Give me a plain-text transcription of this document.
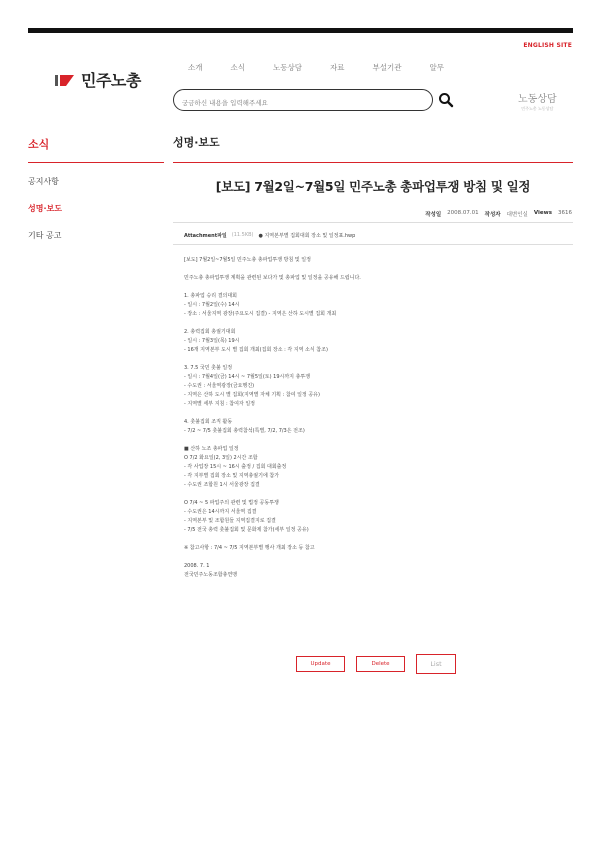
ENGLISH SITE
민주노총
소개	소식	노동상담	자료	부설기관	알무
궁금하신 내용을 입력해주세요
노동상담
민주노총 노동상담
소식
공지사항
성명·보도
기타 공고
성명·보도
[보도] 7월2일~7월5일 민주노총 총파업투쟁 방침 및 일정
작성일 2008.07.01 작성자 대변인실 Views 3616
Attachment파일 (11.5KB) ● 지역본부별 집회대회 장소 및 일정표.hwp

[보도] 7월2일~7월5일 민주노총 총파업투쟁 방침 및 일정

민주노총 총파업투쟁 계획을 관련된 보다가 및 총파업 및 일정을 공유해 드립니다.

1. 총파업 승리 결의대회

- 일시 : 7월2일(수) 14시

- 장소 : 서울지역 광장(주요도시 집결) - 지역은 산하 도시별 집회 개최

2. 총력집회 총궐기대회

- 일시 : 7월3일(목) 19시

- 16개 지역본부 도시 별 집회 개최(집회 장소 : 각 지역 소식 참조)

3. 7.5 국민 촛불 일정

- 일시 : 7월4일(금) 14시 ~ 7월5일(토) 19시까지 총투쟁

- 수도권 : 서울역광장(금요행진)

- 지역은 산하 도시 별 집회(지역별 자체 기획 : 참여 일정 공유)

- 지역별 세부 지침 : 참여자 일정

4. 촛불집회 조직 활동

- 7/2 ~ 7/5 촛불집회 총력참석(특별, 7/2, 7/3은 전조)

■ 산하 노조 총파업 일정

O 7/2 화요일(2, 3일) 2시간 조합

- 각 사업장 15시 ~ 16시 출정 / 집회 대회출정

- 각 지부별 집회 장소 및 지역총궐기에 참가

- 수도권 조합원 1시 서울광장 집결

O 7/4 ~ 5 파업주의 관련 및 법정 공동투쟁

- 수도권은 14시까지 서울역 집결

- 지역본부 및 조합원들 지역집결지로 집결

- 7/5 전국 총력 촛불집회 및 문화제 참가(세부 일정 공유)

※ 참고사항 : 7/4 ~ 7/5 지역본부별 행사 개최 장소 등 참고

2008. 7. 1

전국민주노동조합총연맹

Update	Delete	List
